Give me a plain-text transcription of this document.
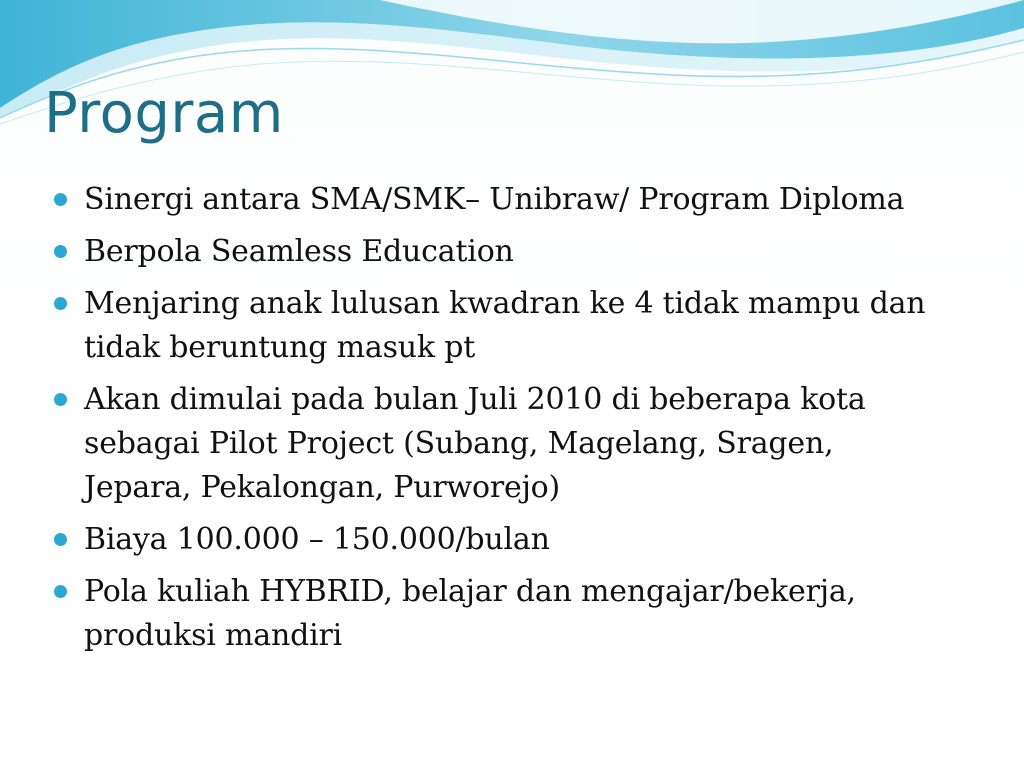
Program
Sinergi antara SMA/SMK– Unibraw/ Program Diploma
Berpola Seamless Education
Menjaring anak lulusan kwadran ke 4 tidak mampu dan tidak beruntung masuk pt
Akan dimulai pada bulan Juli 2010 di beberapa kota sebagai Pilot Project (Subang, Magelang, Sragen, Jepara, Pekalongan, Purworejo)
Biaya 100.000 – 150.000/bulan
Pola kuliah HYBRID, belajar dan mengajar/bekerja, produksi mandiri
